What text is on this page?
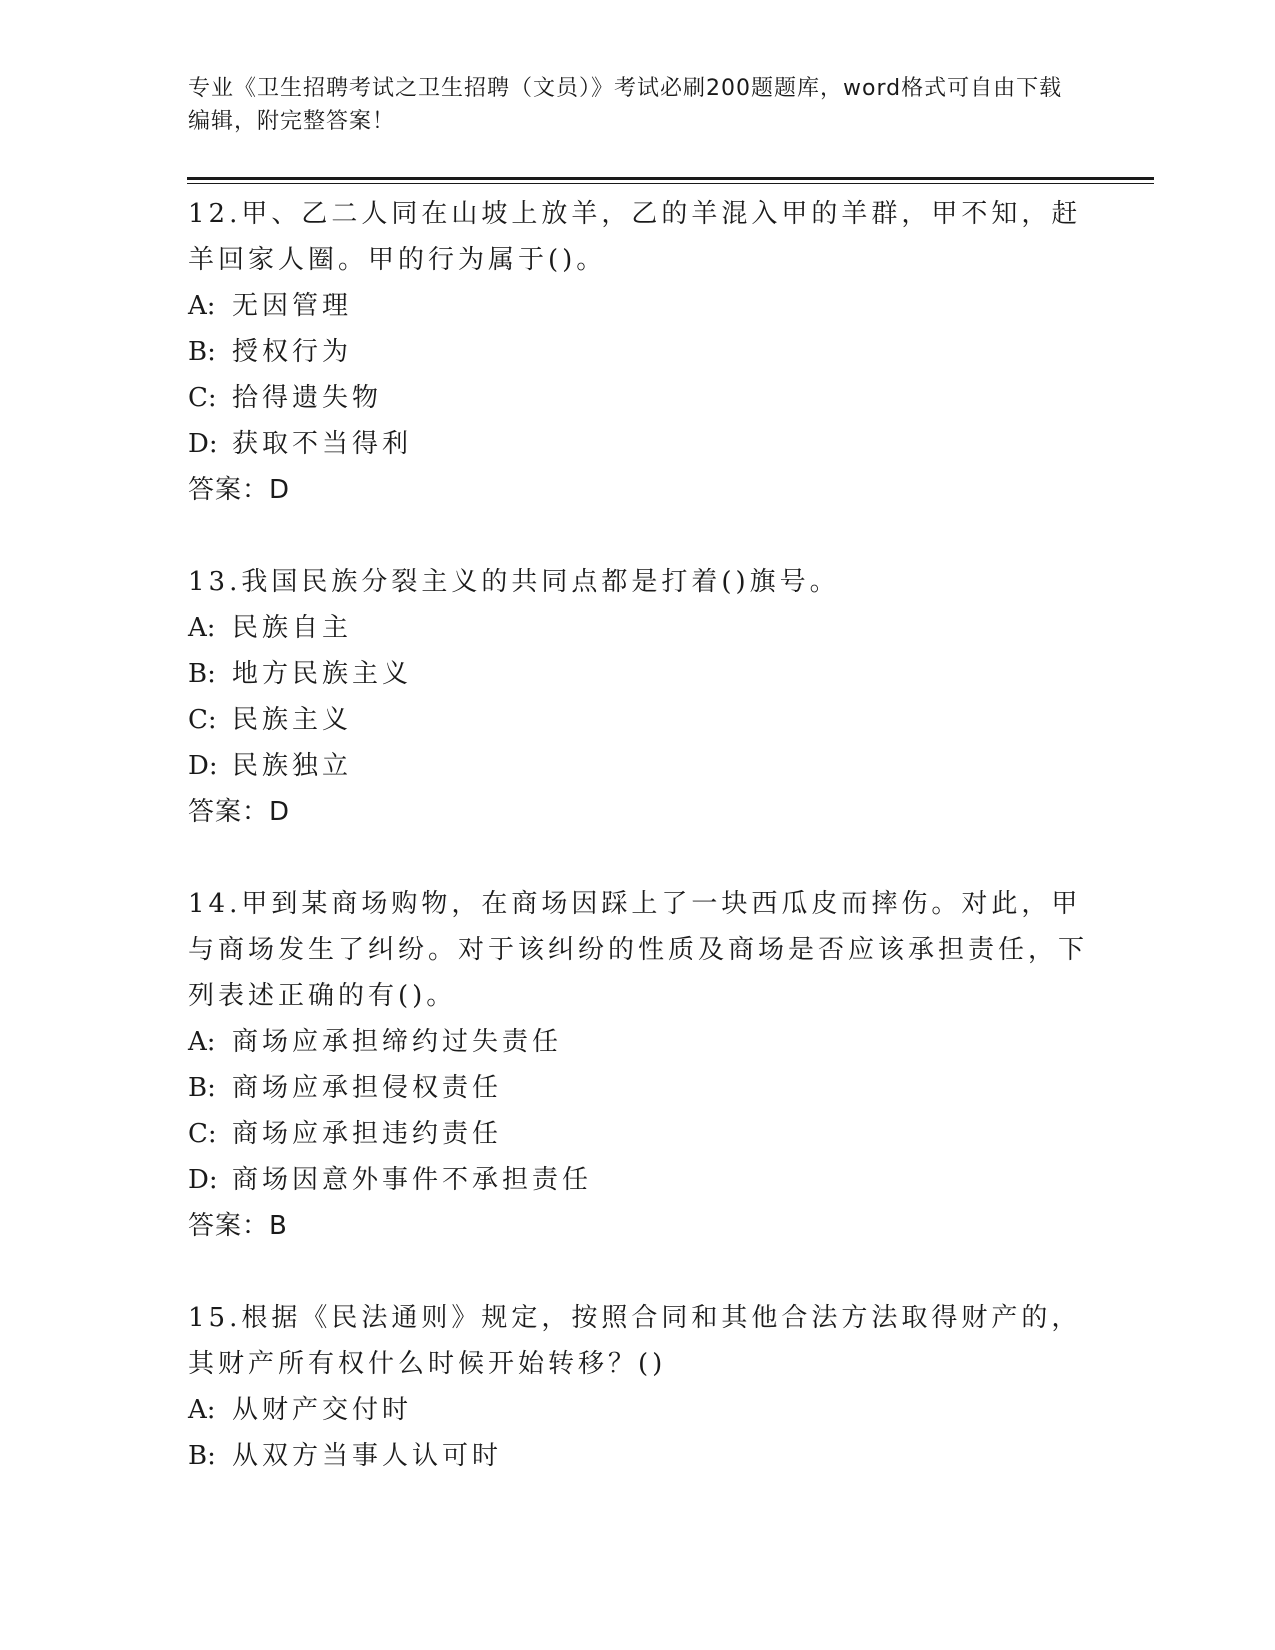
专业《卫生招聘考试之卫生招聘（文员）》考试必刷200题题库，word格式可自由下载编辑，附完整答案！
12.甲、乙二人同在山坡上放羊，乙的羊混入甲的羊群，甲不知，赶羊回家人圈。甲的行为属于()。
A: 无因管理
B: 授权行为
C: 拾得遗失物
D: 获取不当得利
答案：D
13.我国民族分裂主义的共同点都是打着()旗号。
A: 民族自主
B: 地方民族主义
C: 民族主义
D: 民族独立
答案：D
14.甲到某商场购物，在商场因踩上了一块西瓜皮而摔伤。对此，甲与商场发生了纠纷。对于该纠纷的性质及商场是否应该承担责任，下列表述正确的有()。
A: 商场应承担缔约过失责任
B: 商场应承担侵权责任
C: 商场应承担违约责任
D: 商场因意外事件不承担责任
答案：B
15.根据《民法通则》规定，按照合同和其他合法方法取得财产的，其财产所有权什么时候开始转移？()
A: 从财产交付时
B: 从双方当事人认可时
